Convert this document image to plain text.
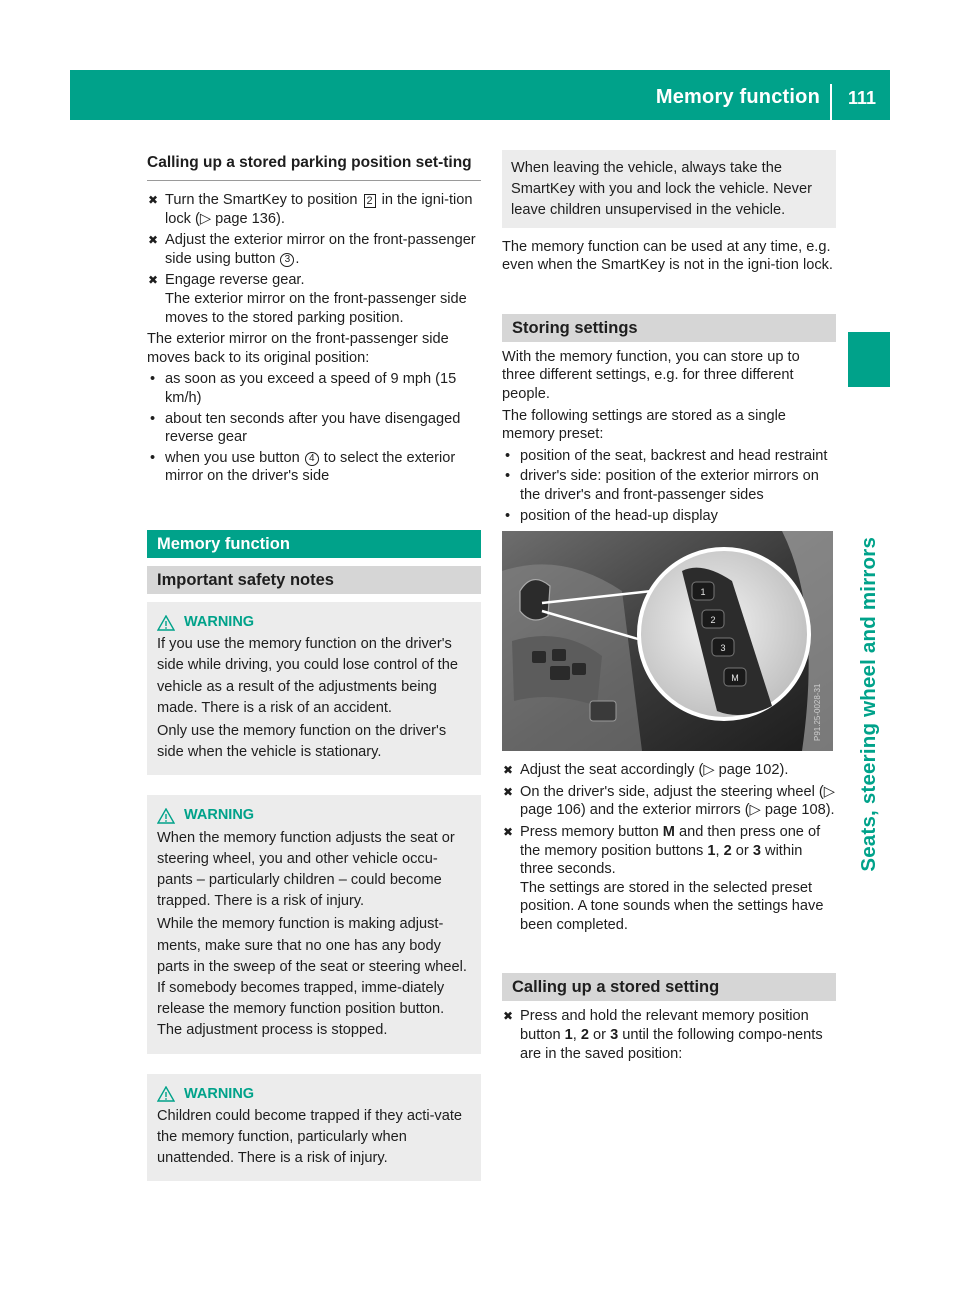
Memory function 111
Seats, steering wheel and mirrors

Calling up a stored parking position set-ting

✖ Turn the SmartKey to position 2 in the igni-tion lock (▷ page 136).
✖ Adjust the exterior mirror on the front-passenger side using button 3 .
✖ Engage reverse gear.
The exterior mirror on the front-passenger side moves to the stored parking position.

The exterior mirror on the front-passenger side moves back to its original position:

• as soon as you exceed a speed of 9 mph (15 km/h)
• about ten seconds after you have disengaged reverse gear
• when you use button 4 to select the exterior mirror on the driver's side
Memory function
Important safety notes
WARNING

If you use the memory function on the driver's side while driving, you could lose control of the vehicle as a result of the adjustments being made. There is a risk of an accident.

Only use the memory function on the driver's side when the vehicle is stationary.

WARNING

When the memory function adjusts the seat or steering wheel, you and other vehicle occu-pants – particularly children – could become trapped. There is a risk of injury.

While the memory function is making adjust-ments, make sure that no one has any body parts in the sweep of the seat or steering wheel. If somebody becomes trapped, imme-diately release the memory function position button. The adjustment process is stopped.

WARNING

Children could become trapped if they acti-vate the memory function, particularly when unattended. There is a risk of injury.

When leaving the vehicle, always take the SmartKey with you and lock the vehicle. Never leave children unsupervised in the vehicle.

The memory function can be used at any time, e.g. even when the SmartKey is not in the igni-tion lock.

Storing settings

With the memory function, you can store up to three different settings, e.g. for three different people.

The following settings are stored as a single memory preset:

• position of the seat, backrest and head restraint
• driver's side: position of the exterior mirrors on the driver's and front-passenger sides
• position of the head-up display
1
2
3
M
P91.25-0028-31
✖ Adjust the seat accordingly (▷ page 102).
✖ On the driver's side, adjust the steering wheel (▷ page 106) and the exterior mirrors (▷ page 108).
✖ Press memory button M and then press one of the memory position buttons 1, 2 or 3 within three seconds.
The settings are stored in the selected preset position. A tone sounds when the settings have been completed.
Calling up a stored setting
✖ Press and hold the relevant memory position button 1, 2 or 3 until the following compo-nents are in the saved position:
